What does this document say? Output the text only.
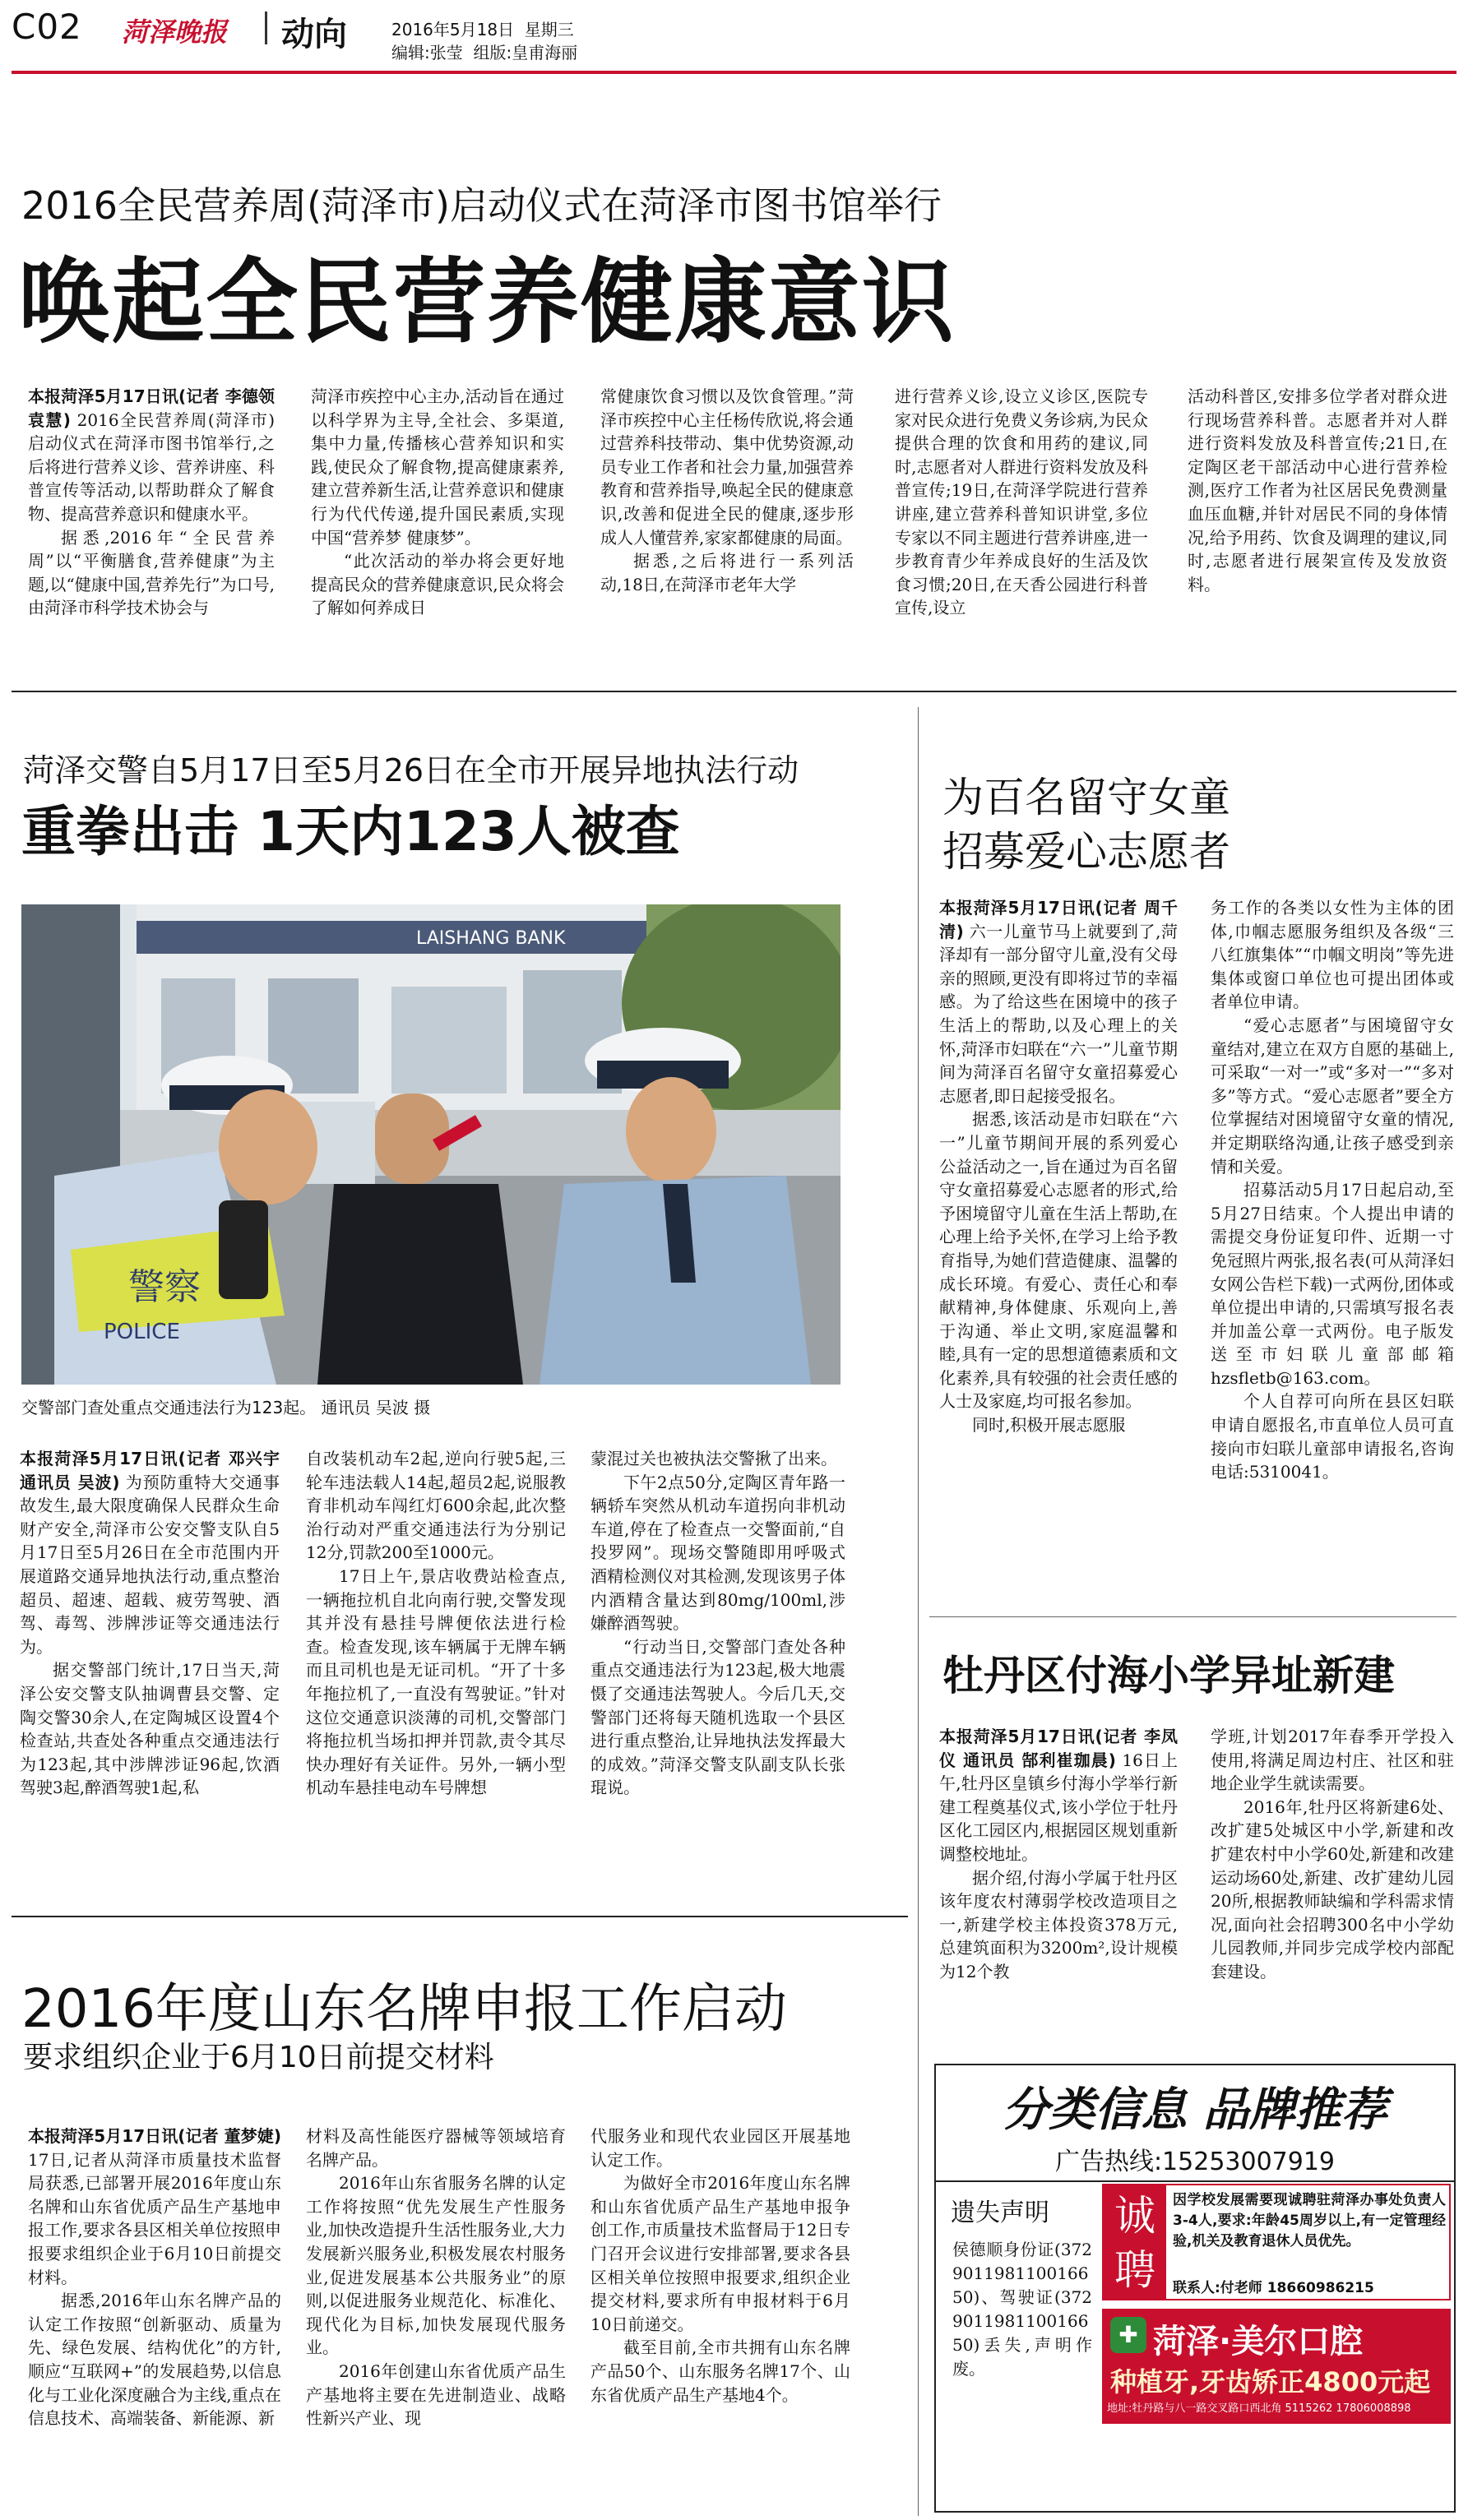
C02 菏泽晚报 动向	2016年5月18日 星期三
编辑:张莹 组版:皇甫海丽
2016全民营养周(菏泽市)启动仪式在菏泽市图书馆举行
唤起全民营养健康意识

本报菏泽5月17日讯(记者 李德领 袁慧) 2016全民营养周(菏泽市)启动仪式在菏泽市图书馆举行,之后将进行营养义诊、营养讲座、科普宣传等活动,以帮助群众了解食物、提高营养意识和健康水平。

据悉,2016年“全民营养周”以“平衡膳食,营养健康”为主题,以“健康中国,营养先行”为口号,由菏泽市科学技术协会与

菏泽市疾控中心主办,活动旨在通过以科学界为主导,全社会、多渠道,集中力量,传播核心营养知识和实践,使民众了解食物,提高健康素养,建立营养新生活,让营养意识和健康行为代代传递,提升国民素质,实现中国“营养梦 健康梦”。

“此次活动的举办将会更好地提高民众的营养健康意识,民众将会了解如何养成日

常健康饮食习惯以及饮食管理。”菏泽市疾控中心主任杨传欣说,将会通过营养科技带动、集中优势资源,动员专业工作者和社会力量,加强营养教育和营养指导,唤起全民的健康意识,改善和促进全民的健康,逐步形成人人懂营养,家家都健康的局面。

据悉,之后将进行一系列活动,18日,在菏泽市老年大学

进行营养义诊,设立义诊区,医院专家对民众进行免费义务诊病,为民众提供合理的饮食和用药的建议,同时,志愿者对人群进行资料发放及科普宣传;19日,在菏泽学院进行营养讲座,建立营养科普知识讲堂,多位专家以不同主题进行营养讲座,进一步教育青少年养成良好的生活及饮食习惯;20日,在天香公园进行科普宣传,设立

活动科普区,安排多位学者对群众进行现场营养科普。志愿者并对人群进行资料发放及科普宣传;21日,在定陶区老干部活动中心进行营养检测,医疗工作者为社区居民免费测量血压血糖,并针对居民不同的身体情况,给予用药、饮食及调理的建议,同时,志愿者进行展架宣传及发放资料。

菏泽交警自5月17日至5月26日在全市开展异地执法行动
重拳出击 1天内123人被查
LAISHANG BANK
警察
POLICE
交警部门查处重点交通违法行为123起。 通讯员 吴波 摄

本报菏泽5月17日讯(记者 邓兴宇 通讯员 吴波) 为预防重特大交通事故发生,最大限度确保人民群众生命财产安全,菏泽市公安交警支队自5月17日至5月26日在全市范围内开展道路交通异地执法行动,重点整治超员、超速、超载、疲劳驾驶、酒驾、毒驾、涉牌涉证等交通违法行为。

据交警部门统计,17日当天,菏泽公安交警支队抽调曹县交警、定陶交警30余人,在定陶城区设置4个检查站,共查处各种重点交通违法行为123起,其中涉牌涉证96起,饮酒驾驶3起,醉酒驾驶1起,私

自改装机动车2起,逆向行驶5起,三轮车违法载人14起,超员2起,说服教育非机动车闯红灯600余起,此次整治行动对严重交通违法行为分别记12分,罚款200至1000元。

17日上午,景店收费站检查点,一辆拖拉机自北向南行驶,交警发现其并没有悬挂号牌便依法进行检查。检查发现,该车辆属于无牌车辆而且司机也是无证司机。“开了十多年拖拉机了,一直没有驾驶证。”针对这位交通意识淡薄的司机,交警部门将拖拉机当场扣押并罚款,责令其尽快办理好有关证件。另外,一辆小型机动车悬挂电动车号牌想

蒙混过关也被执法交警揪了出来。

下午2点50分,定陶区青年路一辆轿车突然从机动车道拐向非机动车道,停在了检查点一交警面前,“自投罗网”。现场交警随即用呼吸式酒精检测仪对其检测,发现该男子体内酒精含量达到80mg/100ml,涉嫌醉酒驾驶。

“行动当日,交警部门查处各种重点交通违法行为123起,极大地震慑了交通违法驾驶人。今后几天,交警部门还将每天随机选取一个县区进行重点整治,让异地执法发挥最大的成效。”菏泽交警支队副支队长张琨说。

为百名留守女童
招募爱心志愿者

本报菏泽5月17日讯(记者 周千清) 六一儿童节马上就要到了,菏泽却有一部分留守儿童,没有父母亲的照顾,更没有即将过节的幸福感。为了给这些在困境中的孩子生活上的帮助,以及心理上的关怀,菏泽市妇联在“六一”儿童节期间为菏泽百名留守女童招募爱心志愿者,即日起接受报名。

据悉,该活动是市妇联在“六一”儿童节期间开展的系列爱心公益活动之一,旨在通过为百名留守女童招募爱心志愿者的形式,给予困境留守儿童在生活上帮助,在心理上给予关怀,在学习上给予教育指导,为她们营造健康、温馨的成长环境。有爱心、责任心和奉献精神,身体健康、乐观向上,善于沟通、举止文明,家庭温馨和睦,具有一定的思想道德素质和文化素养,具有较强的社会责任感的人士及家庭,均可报名参加。

同时,积极开展志愿服

务工作的各类以女性为主体的团体,巾帼志愿服务组织及各级“三八红旗集体”“巾帼文明岗”等先进集体或窗口单位也可提出团体或者单位申请。

“爱心志愿者”与困境留守女童结对,建立在双方自愿的基础上,可采取“一对一”或“多对一”“多对多”等方式。“爱心志愿者”要全方位掌握结对困境留守女童的情况,并定期联络沟通,让孩子感受到亲情和关爱。

招募活动5月17日起启动,至5月27日结束。个人提出申请的需提交身份证复印件、近期一寸免冠照片两张,报名表(可从菏泽妇女网公告栏下载)一式两份,团体或单位提出申请的,只需填写报名表并加盖公章一式两份。电子版发送至市妇联儿童部邮箱hzsfletb@163.com。

个人自荐可向所在县区妇联申请自愿报名,市直单位人员可直接向市妇联儿童部申请报名,咨询电话:5310041。

牡丹区付海小学异址新建

本报菏泽5月17日讯(记者 李凤仪 通讯员 郜利崔珈晨) 16日上午,牡丹区皇镇乡付海小学举行新建工程奠基仪式,该小学位于牡丹区化工园区内,根据园区规划重新调整校地址。

据介绍,付海小学属于牡丹区该年度农村薄弱学校改造项目之一,新建学校主体投资378万元,总建筑面积为3200m²,设计规模为12个教

学班,计划2017年春季开学投入使用,将满足周边村庄、社区和驻地企业学生就读需要。

2016年,牡丹区将新建6处、改扩建5处城区中小学,新建和改扩建农村中小学60处,新建和改建运动场60处,新建、改扩建幼儿园20所,根据教师缺编和学科需求情况,面向社会招聘300名中小学幼儿园教师,并同步完成学校内部配套建设。

2016年度山东名牌申报工作启动
要求组织企业于6月10日前提交材料

本报菏泽5月17日讯(记者 董梦婕) 17日,记者从菏泽市质量技术监督局获悉,已部署开展2016年度山东名牌和山东省优质产品生产基地申报工作,要求各县区相关单位按照申报要求组织企业于6月10日前提交材料。

据悉,2016年山东名牌产品的认定工作按照“创新驱动、质量为先、绿色发展、结构优化”的方针,顺应“互联网+”的发展趋势,以信息化与工业化深度融合为主线,重点在信息技术、高端装备、新能源、新

材料及高性能医疗器械等领域培育名牌产品。

2016年山东省服务名牌的认定工作将按照“优先发展生产性服务业,加快改造提升生活性服务业,大力发展新兴服务业,积极发展农村服务业,促进发展基本公共服务业”的原则,以促进服务业规范化、标准化、现代化为目标,加快发展现代服务业。

2016年创建山东省优质产品生产基地将主要在先进制造业、战略性新兴产业、现

代服务业和现代农业园区开展基地认定工作。

为做好全市2016年度山东名牌和山东省优质产品生产基地申报争创工作,市质量技术监督局于12日专门召开会议进行安排部署,要求各县区相关单位按照申报要求,组织企业提交材料,要求所有申报材料于6月10日前递交。

截至目前,全市共拥有山东名牌产品50个、山东服务名牌17个、山东省优质产品生产基地4个。

分类信息 品牌推荐
广告热线:15253007919
遗失声明
侯德顺身份证(372901198110016650)、驾驶证(372901198110016650)丢失,声明作废。
诚聘
因学校发展需要现诚聘驻菏泽办事处负责人3-4人,要求:年龄45周岁以上,有一定管理经验,机关及教育退休人员优先。
联系人:付老师 18660986215
✚ 菏泽·美尔口腔
种植牙,牙齿矫正4800元起
地址:牡丹路与八一路交叉路口西北角 5115262 17806008898
